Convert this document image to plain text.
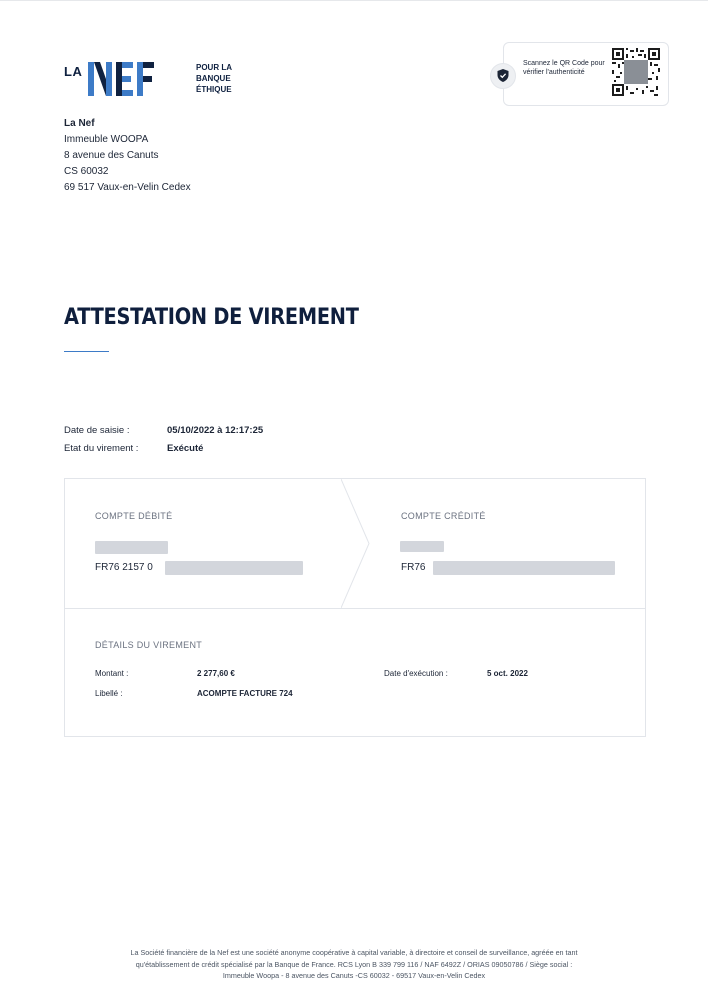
LA	POUR LA
BANQUE
ÉTHIQUE
Scannez le QR Code pour vérifier l'authenticité
La Nef
Immeuble WOOPA
8 avenue des Canuts
CS 60032
69 517 Vaux-en-Velin Cedex
ATTESTATION DE VIREMENT
Date de saisie :	05/10/2022 à 12:17:25
Etat du virement :	Exécuté
COMPTE DÉBITÉ
FR76 2157 0
COMPTE CRÉDITÉ
FR76
DÉTAILS DU VIREMENT
Montant :	2 277,60 €
Libellé :	ACOMPTE FACTURE 724
Date d'exécution :	5 oct. 2022
La Société financière de la Nef est une société anonyme coopérative à capital variable, à directoire et conseil de surveillance, agréée en tant
qu'établissement de crédit spécialisé par la Banque de France. RCS Lyon B 339 799 116 / NAF 6492Z / ORIAS 09050786 / Siège social :
Immeuble Woopa - 8 avenue des Canuts -CS 60032 - 69517 Vaux-en-Velin Cedex
